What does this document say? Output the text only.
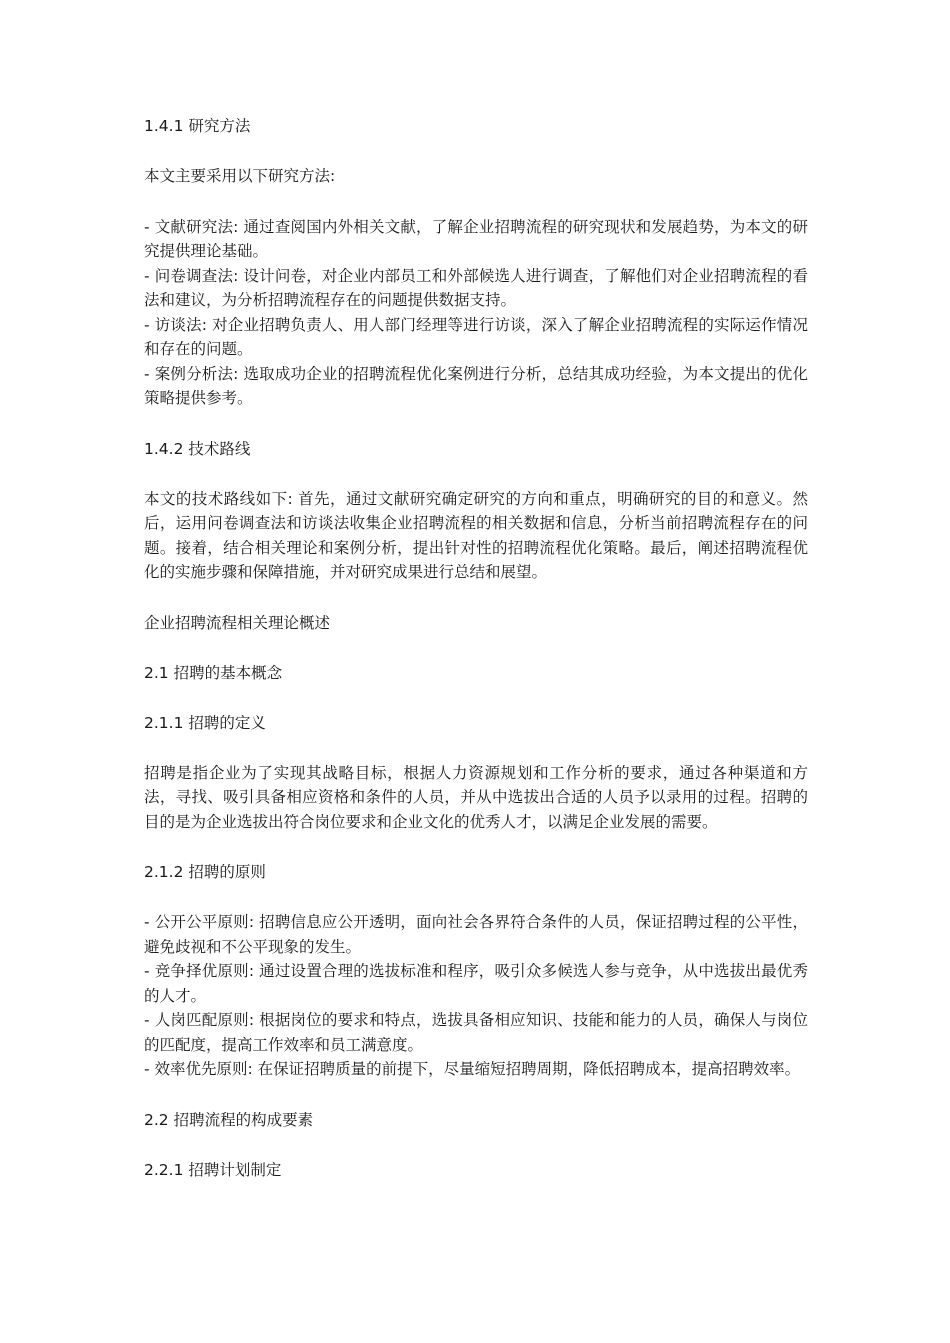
1.4.1 研究方法
本文主要采用以下研究方法:
- 文献研究法: 通过查阅国内外相关文献，了解企业招聘流程的研究现状和发展趋势，为本文的研究提供理论基础。
- 问卷调查法: 设计问卷，对企业内部员工和外部候选人进行调查，了解他们对企业招聘流程的看法和建议，为分析招聘流程存在的问题提供数据支持。
- 访谈法: 对企业招聘负责人、用人部门经理等进行访谈，深入了解企业招聘流程的实际运作情况和存在的问题。
- 案例分析法: 选取成功企业的招聘流程优化案例进行分析，总结其成功经验，为本文提出的优化策略提供参考。
1.4.2 技术路线
本文的技术路线如下: 首先，通过文献研究确定研究的方向和重点，明确研究的目的和意义。然后，运用问卷调查法和访谈法收集企业招聘流程的相关数据和信息，分析当前招聘流程存在的问题。接着，结合相关理论和案例分析，提出针对性的招聘流程优化策略。最后，阐述招聘流程优化的实施步骤和保障措施，并对研究成果进行总结和展望。
企业招聘流程相关理论概述
2.1 招聘的基本概念
2.1.1 招聘的定义
招聘是指企业为了实现其战略目标，根据人力资源规划和工作分析的要求，通过各种渠道和方法，寻找、吸引具备相应资格和条件的人员，并从中选拔出合适的人员予以录用的过程。招聘的目的是为企业选拔出符合岗位要求和企业文化的优秀人才，以满足企业发展的需要。
2.1.2 招聘的原则
- 公开公平原则: 招聘信息应公开透明，面向社会各界符合条件的人员，保证招聘过程的公平性，避免歧视和不公平现象的发生。
- 竞争择优原则: 通过设置合理的选拔标准和程序，吸引众多候选人参与竞争，从中选拔出最优秀的人才。
- 人岗匹配原则: 根据岗位的要求和特点，选拔具备相应知识、技能和能力的人员，确保人与岗位的匹配度，提高工作效率和员工满意度。
- 效率优先原则: 在保证招聘质量的前提下，尽量缩短招聘周期，降低招聘成本，提高招聘效率。
2.2 招聘流程的构成要素
2.2.1 招聘计划制定
